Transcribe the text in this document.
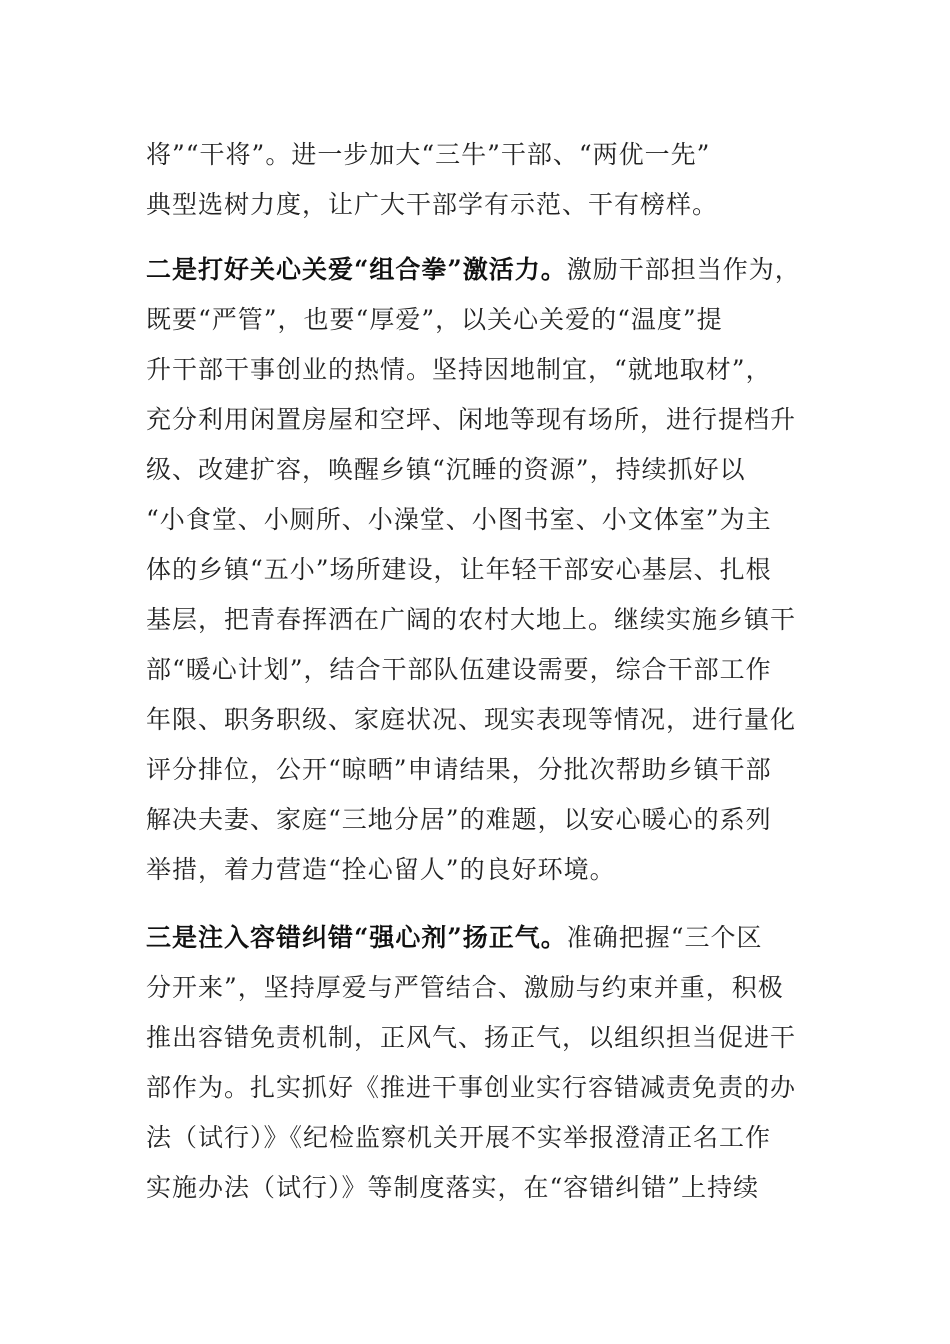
将”“干将”。进一步加大“三牛”干部、“两优一先”
典型选树力度，让广大干部学有示范、干有榜样。
二是打好关心关爱“组合拳”激活力。激励干部担当作为，
既要“严管”，也要“厚爱”，以关心关爱的“温度”提
升干部干事创业的热情。坚持因地制宜，“就地取材”，
充分利用闲置房屋和空坪、闲地等现有场所，进行提档升
级、改建扩容，唤醒乡镇“沉睡的资源”，持续抓好以
“小食堂、小厕所、小澡堂、小图书室、小文体室”为主
体的乡镇“五小”场所建设，让年轻干部安心基层、扎根
基层，把青春挥洒在广阔的农村大地上。继续实施乡镇干
部“暖心计划”，结合干部队伍建设需要，综合干部工作
年限、职务职级、家庭状况、现实表现等情况，进行量化
评分排位，公开“晾晒”申请结果，分批次帮助乡镇干部
解决夫妻、家庭“三地分居”的难题，以安心暖心的系列
举措，着力营造“拴心留人”的良好环境。
三是注入容错纠错“强心剂”扬正气。准确把握“三个区
分开来”，坚持厚爱与严管结合、激励与约束并重，积极
推出容错免责机制，正风气、扬正气，以组织担当促进干
部作为。扎实抓好《推进干事创业实行容错减责免责的办
法（试行）》《纪检监察机关开展不实举报澄清正名工作
实施办法（试行）》等制度落实，在“容错纠错”上持续
